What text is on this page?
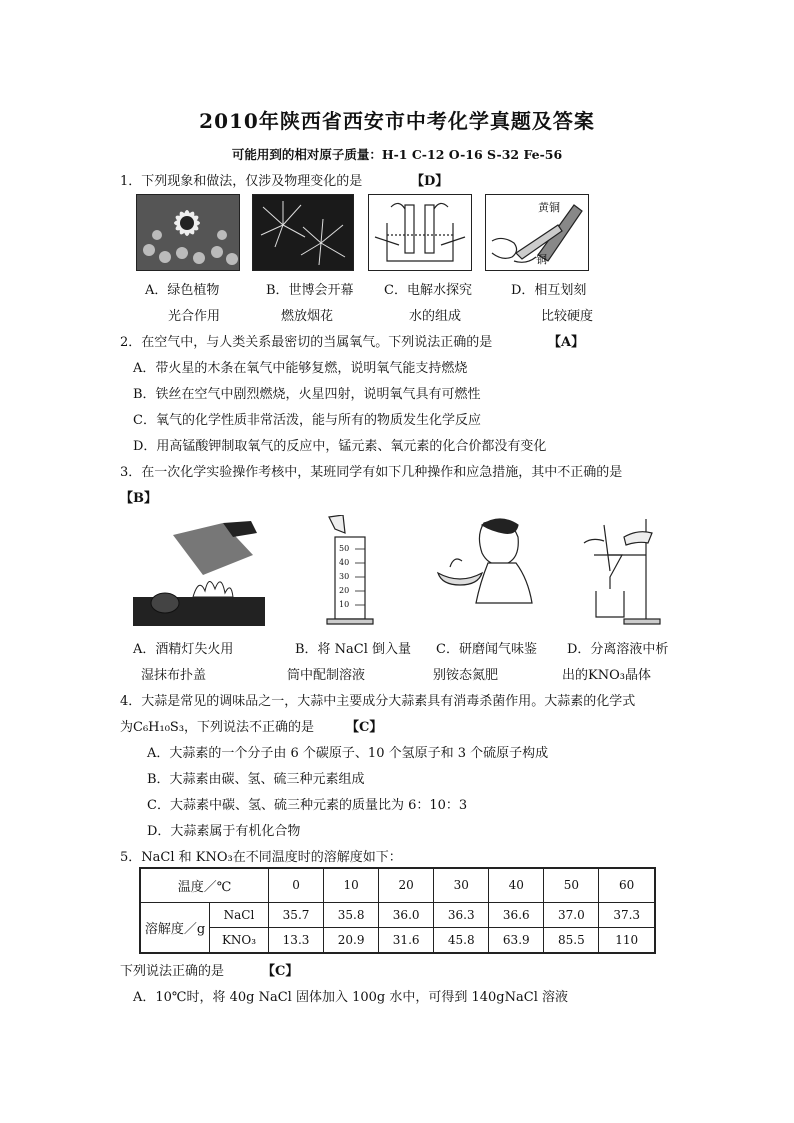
2010年陕西省西安市中考化学真题及答案
可能用到的相对原子质量：H-1 C-12 O-16 S-32 Fe-56
1．下列现象和做法，仅涉及物理变化的是	【D】
黄铜
铜
A．绿色植物
光合作用
B．世博会开幕
燃放烟花
C．电解水探究
水的组成
D．相互划刻
比较硬度
2．在空气中，与人类关系最密切的当属氧气。下列说法正确的是	【A】
A．带火星的木条在氧气中能够复燃，说明氧气能支持燃烧
B．铁丝在空气中剧烈燃烧，火星四射，说明氧气具有可燃性
C．氧气的化学性质非常活泼，能与所有的物质发生化学反应
D．用高锰酸钾制取氧气的反应中，锰元素、氧元素的化合价都没有变化
3．在一次化学实验操作考核中，某班同学有如下几种操作和应急措施，其中不正确的是
【B】
50
40
30
20
10
A．酒精灯失火用
湿抹布扑盖
B．将 NaCl 倒入量
筒中配制溶液
C．研磨闻气味鉴
别铵态氮肥
D．分离溶液中析
出的KNO₃晶体
4．大蒜是常见的调味品之一，大蒜中主要成分大蒜素具有消毒杀菌作用。大蒜素的化学式
为C₆H₁₀S₃，下列说法不正确的是 【C】
A．大蒜素的一个分子由 6 个碳原子、10 个氢原子和 3 个硫原子构成
B．大蒜素由碳、氢、硫三种元素组成
C．大蒜素中碳、氢、硫三种元素的质量比为 6：10：3
D．大蒜素属于有机化合物
5．NaCl 和 KNO₃在不同温度时的溶解度如下：
温度／℃		0	10	20	30	40	50	60
溶解度／g	NaCl	35.7	35.8	36.0	36.3	36.6	37.0	37.3
	KNO₃	13.3	20.9	31.6	45.8	63.9	85.5	110
下列说法正确的是	【C】
A．10℃时，将 40g NaCl 固体加入 100g 水中，可得到 140gNaCl 溶液
